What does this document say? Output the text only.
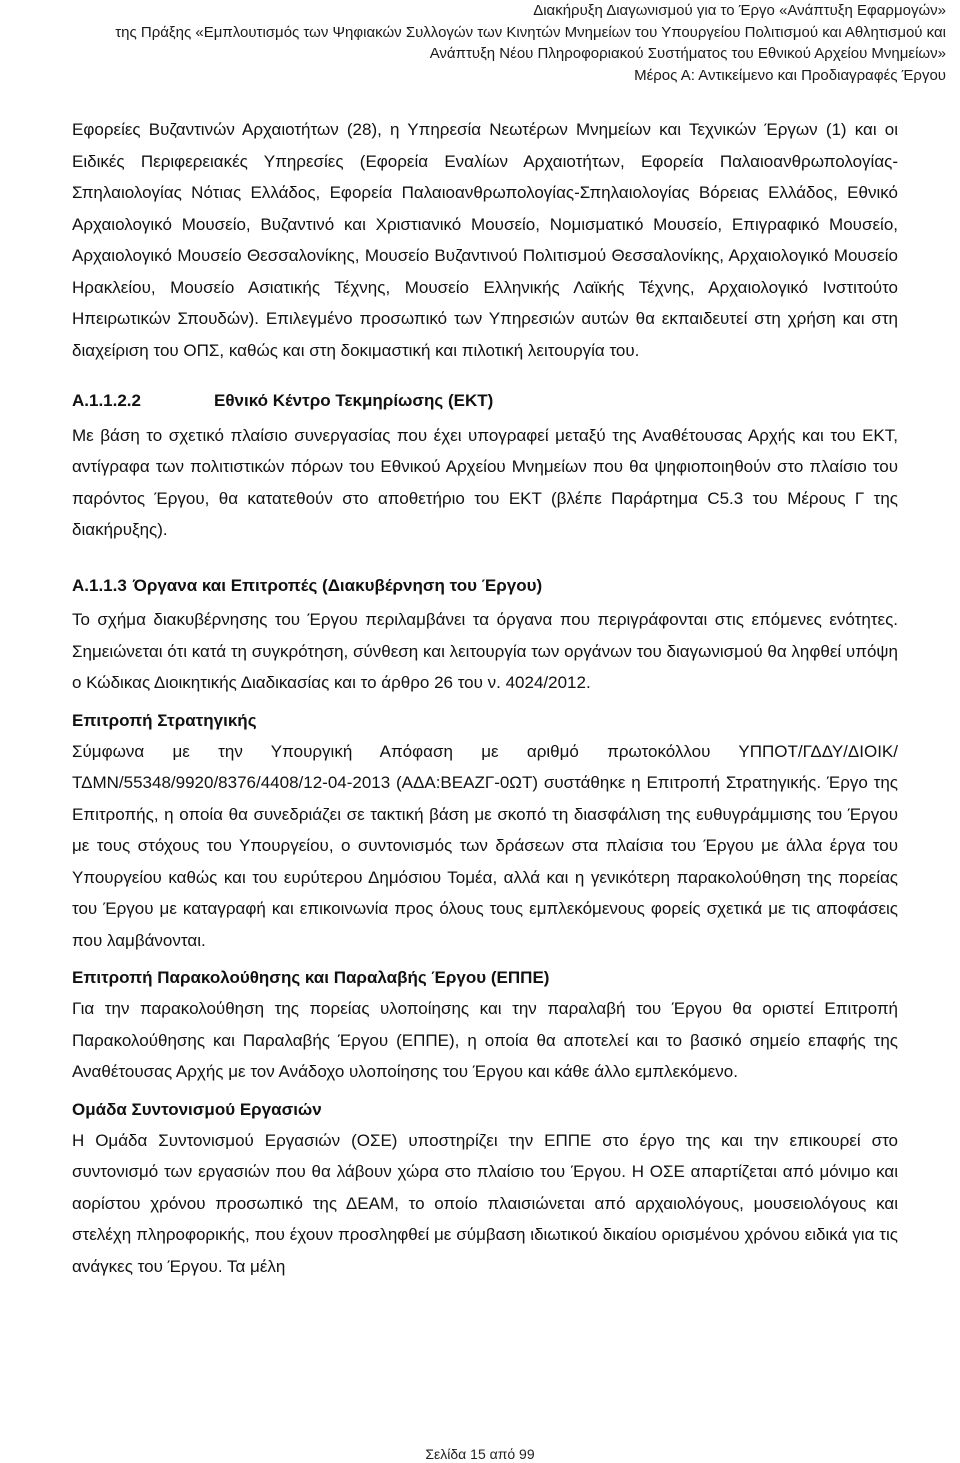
Διακήρυξη Διαγωνισμού για το Έργο «Ανάπτυξη Εφαρμογών»
της Πράξης «Εμπλουτισμός των Ψηφιακών Συλλογών των Κινητών Μνημείων του Υπουργείου Πολιτισμού και Αθλητισμού και
Ανάπτυξη Νέου Πληροφοριακού Συστήματος του Εθνικού Αρχείου Μνημείων»
Μέρος Α: Αντικείμενο και Προδιαγραφές Έργου

Εφορείες Βυζαντινών Αρχαιοτήτων (28), η Υπηρεσία Νεωτέρων Μνημείων και Τεχνικών Έργων (1) και οι Ειδικές Περιφερειακές Υπηρεσίες (Εφορεία Εναλίων Αρχαιοτήτων, Εφορεία Παλαιοανθρωπολογίας-Σπηλαιολογίας Νότιας Ελλάδος, Εφορεία Παλαιοανθρωπολογίας-Σπηλαιολογίας Βόρειας Ελλάδος, Εθνικό Αρχαιολογικό Μουσείο, Βυζαντινό και Χριστιανικό Μουσείο, Νομισματικό Μουσείο, Επιγραφικό Μουσείο, Αρχαιολογικό Μουσείο Θεσσαλονίκης, Μουσείο Βυζαντινού Πολιτισμού Θεσσαλονίκης, Αρχαιολογικό Μουσείο Ηρακλείου, Μουσείο Ασιατικής Τέχνης, Μουσείο Ελληνικής Λαϊκής Τέχνης, Αρχαιολογικό Ινστιτούτο Ηπειρωτικών Σπουδών). Επιλεγμένο προσωπικό των Υπηρεσιών αυτών θα εκπαιδευτεί στη χρήση και στη διαχείριση του ΟΠΣ, καθώς και στη δοκιμαστική και πιλοτική λειτουργία του.

Α.1.1.2.2	Εθνικό Κέντρο Τεκμηρίωσης (ΕΚΤ)

Με βάση το σχετικό πλαίσιο συνεργασίας που έχει υπογραφεί μεταξύ της Αναθέτουσας Αρχής και του ΕΚΤ, αντίγραφα των πολιτιστικών πόρων του Εθνικού Αρχείου Μνημείων που θα ψηφιοποιηθούν στο πλαίσιο του παρόντος Έργου, θα κατατεθούν στο αποθετήριο του ΕΚΤ (βλέπε Παράρτημα C5.3 του Μέρους Γ της διακήρυξης).

Α.1.1.3 Όργανα και Επιτροπές (Διακυβέρνηση του Έργου)

Το σχήμα διακυβέρνησης του Έργου περιλαμβάνει τα όργανα που περιγράφονται στις επόμενες ενότητες. Σημειώνεται ότι κατά τη συγκρότηση, σύνθεση και λειτουργία των οργάνων του διαγωνισμού θα ληφθεί υπόψη ο Κώδικας Διοικητικής Διαδικασίας και το άρθρο 26 του ν. 4024/2012.

Επιτροπή Στρατηγικής

Σύμφωνα με την Υπουργική Απόφαση με αριθμό πρωτοκόλλου ΥΠΠΟΤ/ΓΔΔΥ/ΔΙΟΙΚ/ΤΔΜΝ/55348/9920/8376/4408/12-04-2013 (ΑΔΑ:ΒΕΑΖΓ-0ΩΤ) συστάθηκε η Επιτροπή Στρατηγικής. Έργο της Επιτροπής, η οποία θα συνεδριάζει σε τακτική βάση με σκοπό τη διασφάλιση της ευθυγράμμισης του Έργου με τους στόχους του Υπουργείου, ο συντονισμός των δράσεων στα πλαίσια του Έργου με άλλα έργα του Υπουργείου καθώς και του ευρύτερου Δημόσιου Τομέα, αλλά και η γενικότερη παρακολούθηση της πορείας του Έργου με καταγραφή και επικοινωνία προς όλους τους εμπλεκόμενους φορείς σχετικά με τις αποφάσεις που λαμβάνονται.

Επιτροπή Παρακολούθησης και Παραλαβής Έργου (ΕΠΠΕ)

Για την παρακολούθηση της πορείας υλοποίησης και την παραλαβή του Έργου θα οριστεί Επιτροπή Παρακολούθησης και Παραλαβής Έργου (ΕΠΠΕ), η οποία θα αποτελεί και το βασικό σημείο επαφής της Αναθέτουσας Αρχής με τον Ανάδοχο υλοποίησης του Έργου και κάθε άλλο εμπλεκόμενο.

Ομάδα Συντονισμού Εργασιών

Η Ομάδα Συντονισμού Εργασιών (ΟΣΕ) υποστηρίζει την ΕΠΠΕ στο έργο της και την επικουρεί στο συντονισμό των εργασιών που θα λάβουν χώρα στο πλαίσιο του Έργου. Η ΟΣΕ απαρτίζεται από μόνιμο και αορίστου χρόνου προσωπικό της ΔΕΑΜ, το οποίο πλαισιώνεται από αρχαιολόγους, μουσειολόγους και στελέχη πληροφορικής, που έχουν προσληφθεί με σύμβαση ιδιωτικού δικαίου ορισμένου χρόνου ειδικά για τις ανάγκες του Έργου. Τα μέλη

Σελίδα 15 από 99
